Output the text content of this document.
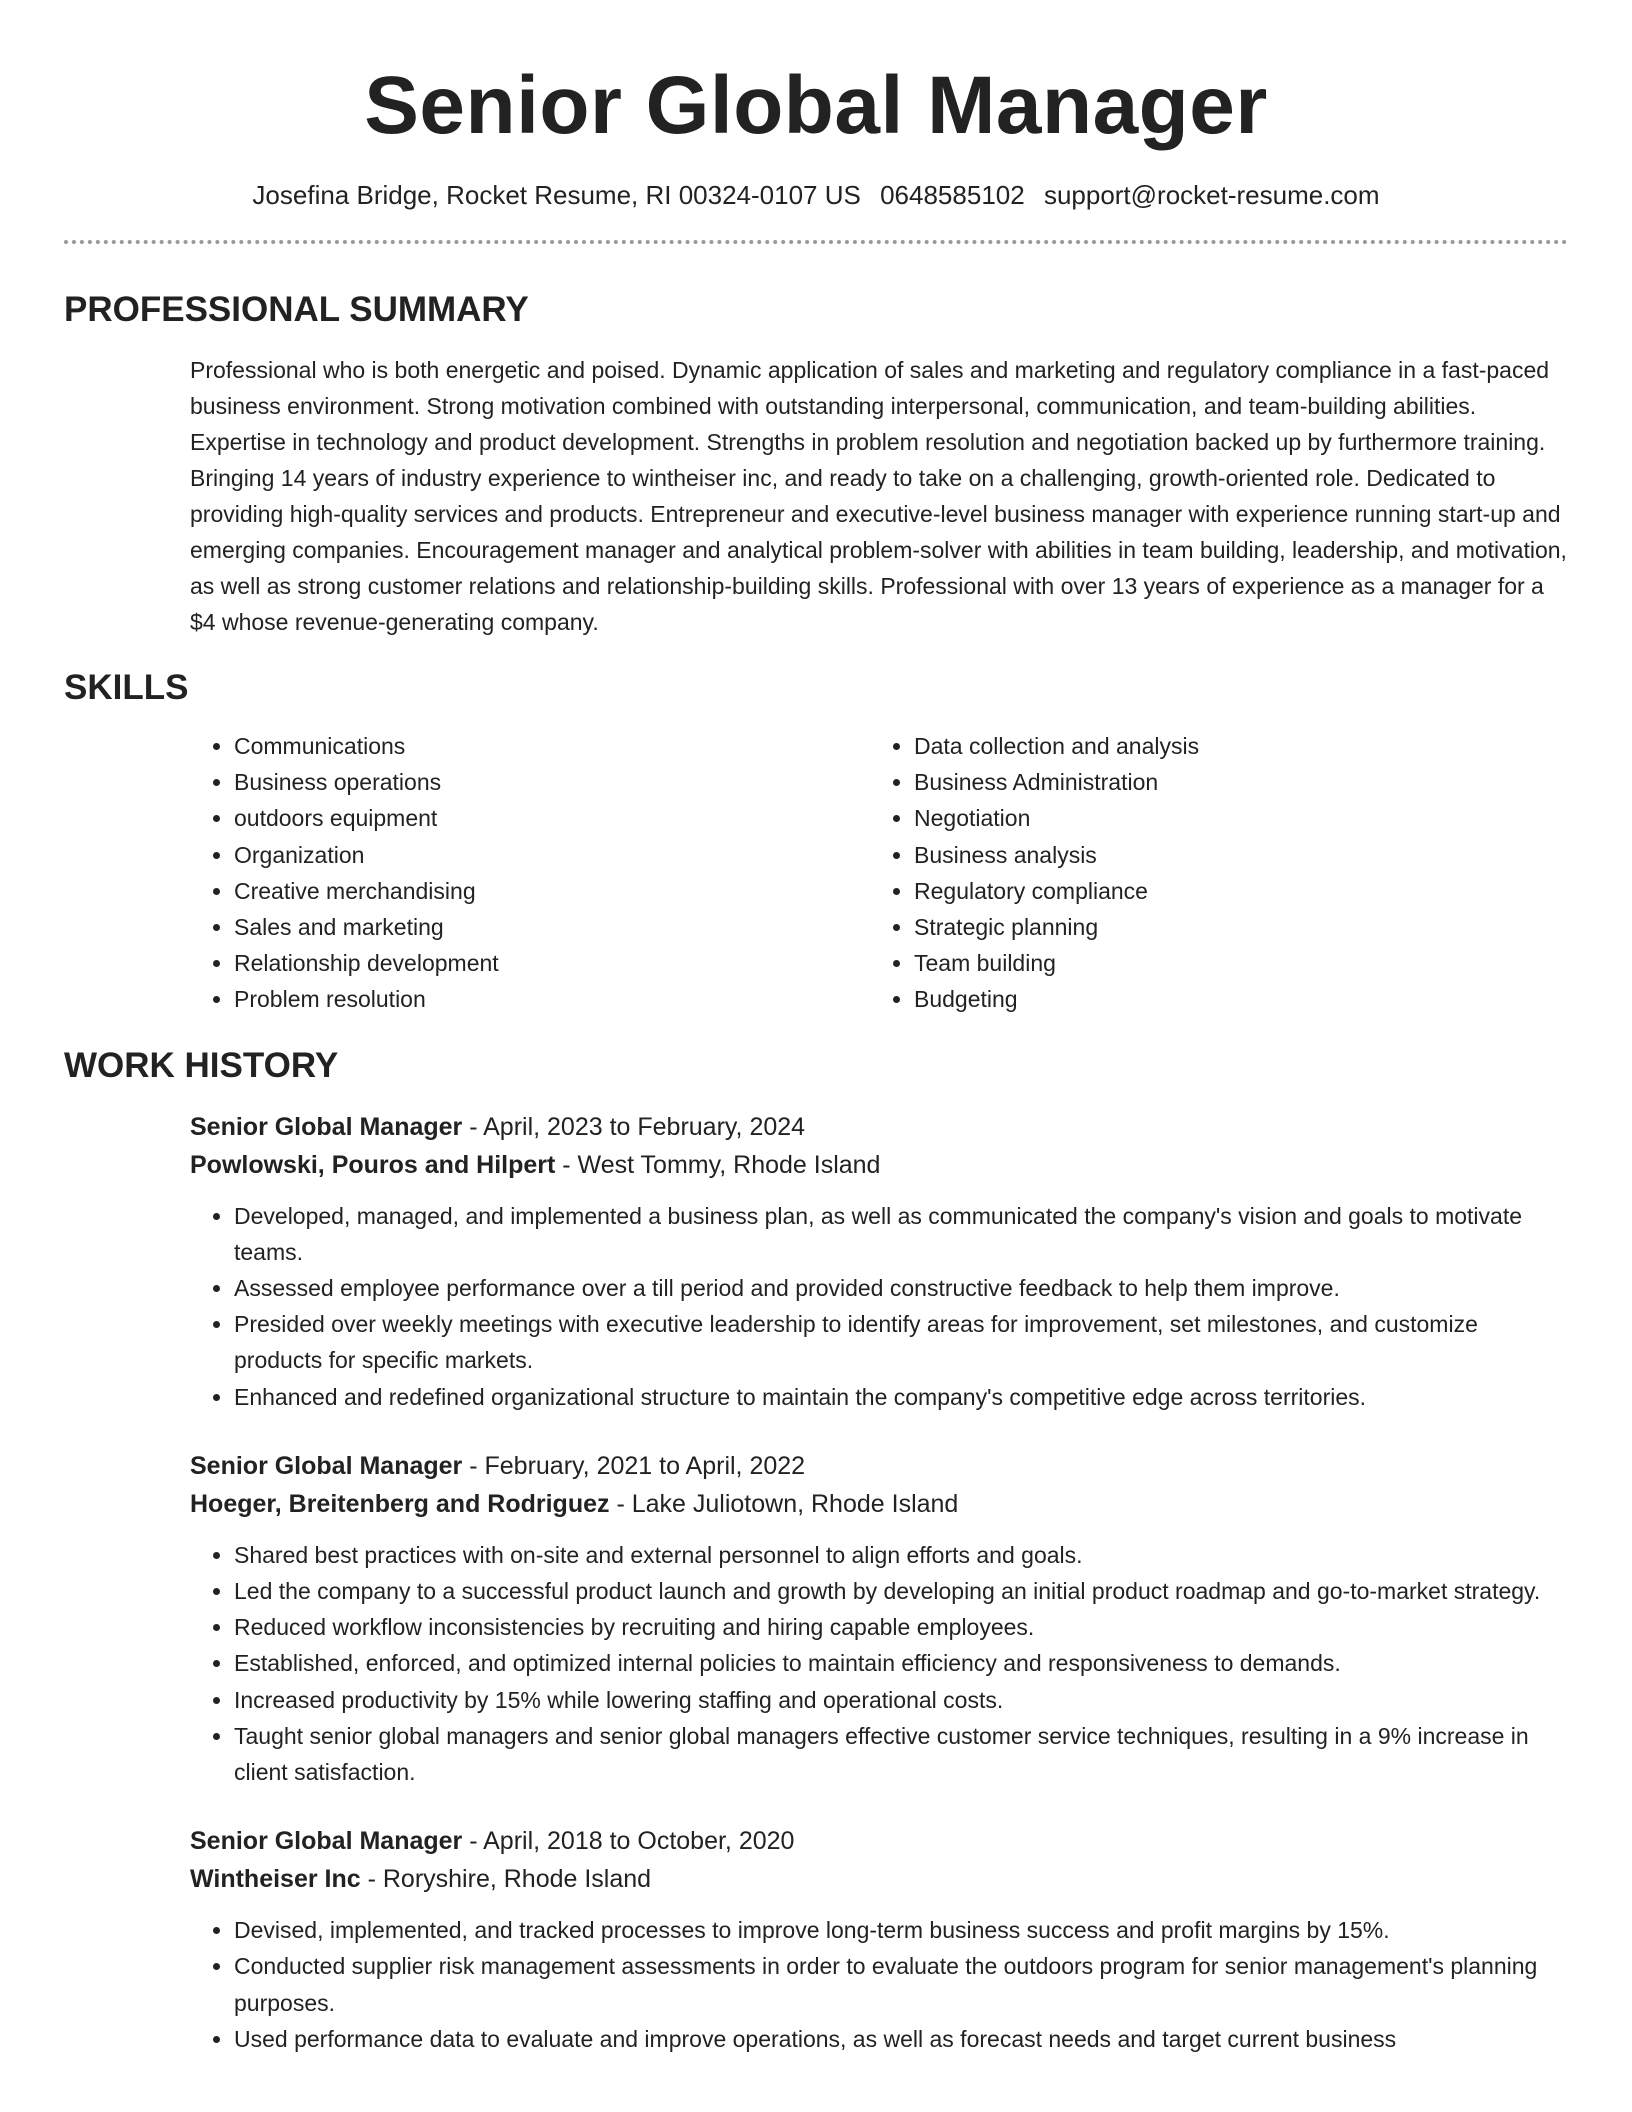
Senior Global Manager
Josefina Bridge, Rocket Resume, RI 00324-0107 US 0648585102 support@rocket-resume.com
PROFESSIONAL SUMMARY
Professional who is both energetic and poised. Dynamic application of sales and marketing and regulatory compliance in a fast-paced business environment. Strong motivation combined with outstanding interpersonal, communication, and team-building abilities. Expertise in technology and product development. Strengths in problem resolution and negotiation backed up by furthermore training. Bringing 14 years of industry experience to wintheiser inc, and ready to take on a challenging, growth-oriented role. Dedicated to providing high-quality services and products. Entrepreneur and executive-level business manager with experience running start-up and emerging companies. Encouragement manager and analytical problem-solver with abilities in team building, leadership, and motivation, as well as strong customer relations and relationship-building skills. Professional with over 13 years of experience as a manager for a $4 whose revenue-generating company.
SKILLS
• Communications
• Business operations
• outdoors equipment
• Organization
• Creative merchandising
• Sales and marketing
• Relationship development
• Problem resolution
• Data collection and analysis
• Business Administration
• Negotiation
• Business analysis
• Regulatory compliance
• Strategic planning
• Team building
• Budgeting
WORK HISTORY
Senior Global Manager - April, 2023 to February, 2024
Powlowski, Pouros and Hilpert - West Tommy, Rhode Island
• Developed, managed, and implemented a business plan, as well as communicated the company's vision and goals to motivate teams.
• Assessed employee performance over a till period and provided constructive feedback to help them improve.
• Presided over weekly meetings with executive leadership to identify areas for improvement, set milestones, and customize products for specific markets.
• Enhanced and redefined organizational structure to maintain the company's competitive edge across territories.
Senior Global Manager - February, 2021 to April, 2022
Hoeger, Breitenberg and Rodriguez - Lake Juliotown, Rhode Island
• Shared best practices with on-site and external personnel to align efforts and goals.
• Led the company to a successful product launch and growth by developing an initial product roadmap and go-to-market strategy.
• Reduced workflow inconsistencies by recruiting and hiring capable employees.
• Established, enforced, and optimized internal policies to maintain efficiency and responsiveness to demands.
• Increased productivity by 15% while lowering staffing and operational costs.
• Taught senior global managers and senior global managers effective customer service techniques, resulting in a 9% increase in client satisfaction.
Senior Global Manager - April, 2018 to October, 2020
Wintheiser Inc - Roryshire, Rhode Island
• Devised, implemented, and tracked processes to improve long-term business success and profit margins by 15%.
• Conducted supplier risk management assessments in order to evaluate the outdoors program for senior management's planning purposes.
• Used performance data to evaluate and improve operations, as well as forecast needs and target current business
